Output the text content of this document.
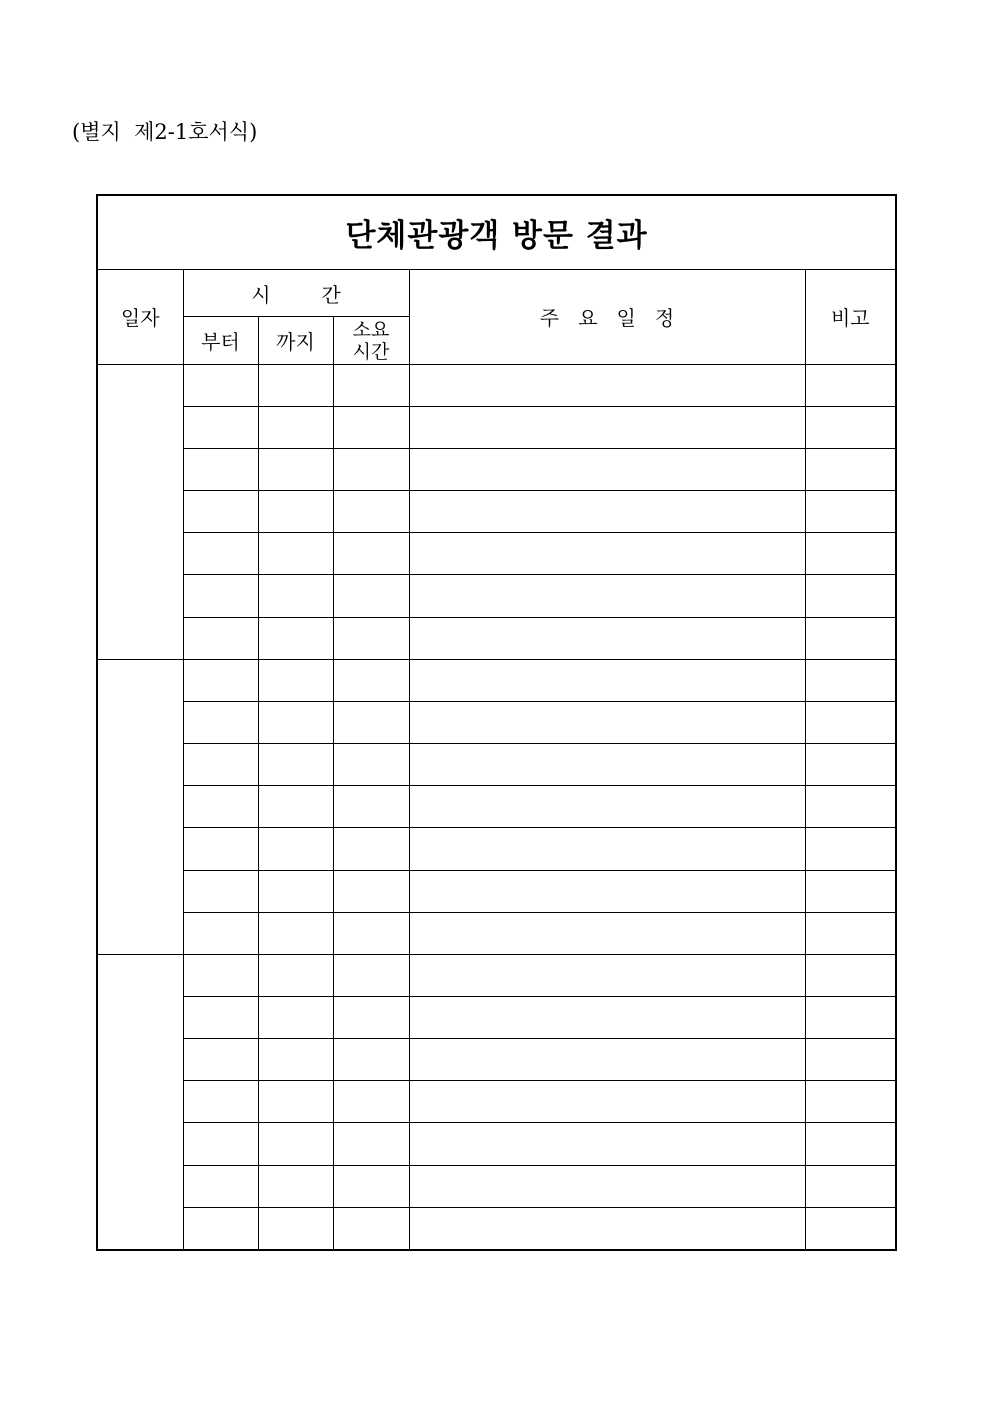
(별지  제2-1호서식)
단체관광객 방문 결과					
일자	시        간			주   요   일   정	비고
	부터	까지	소요
시간		
